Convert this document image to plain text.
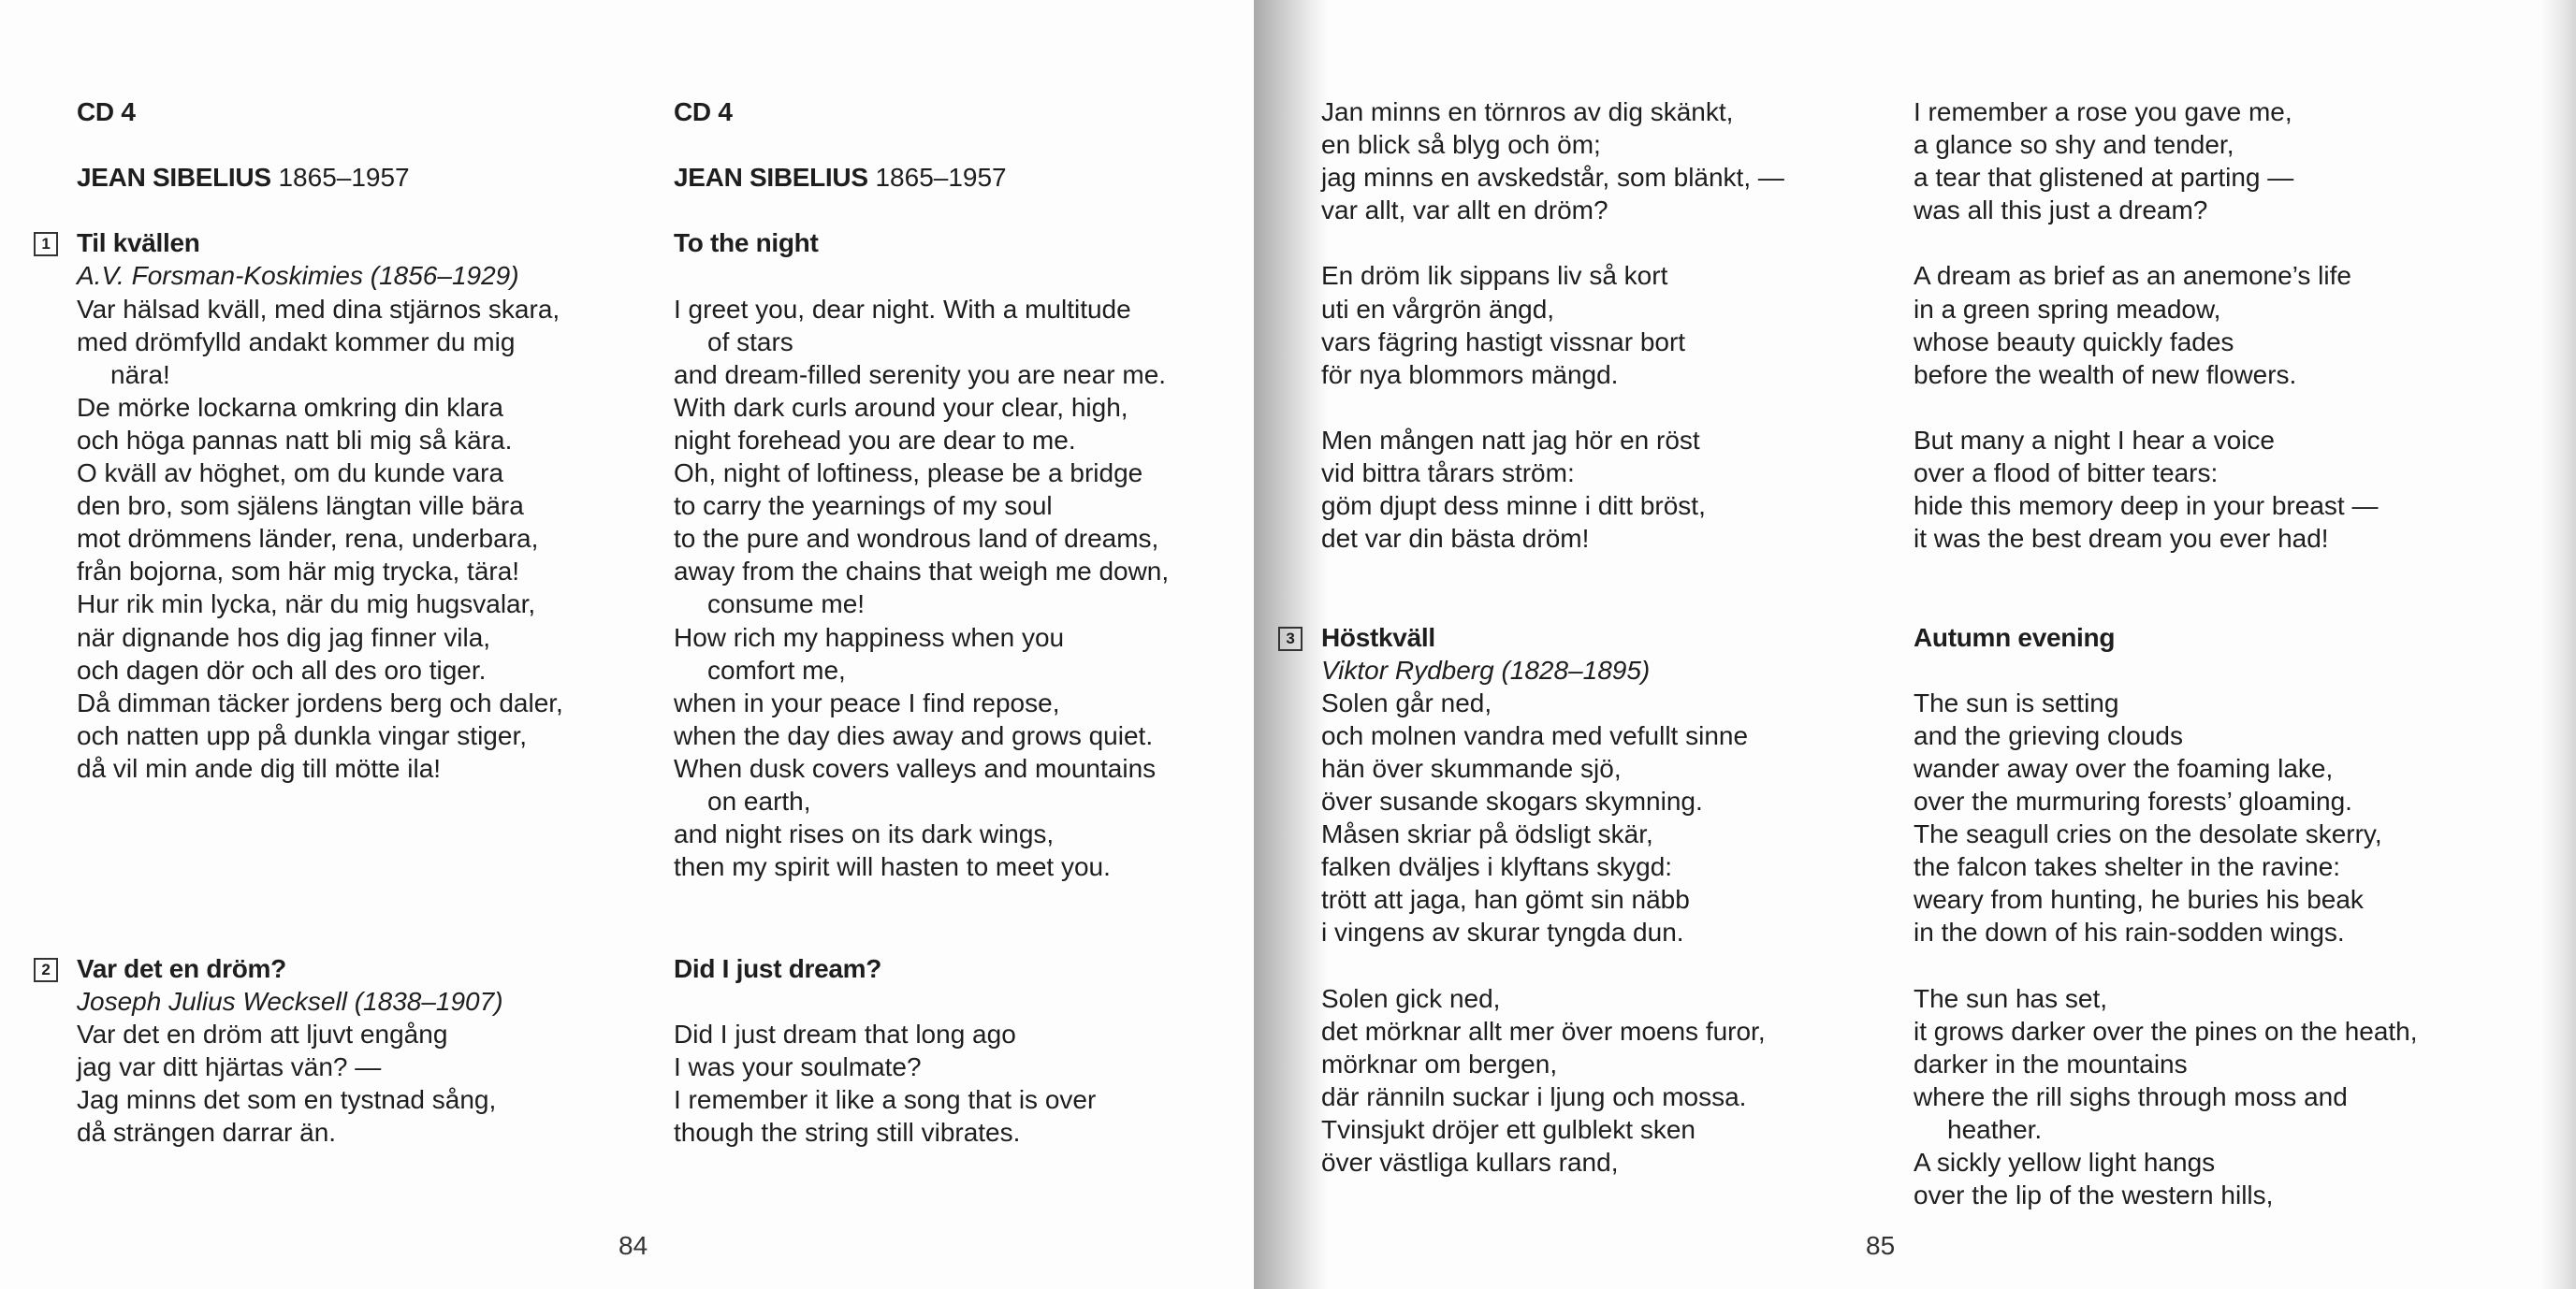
CD 4
JEAN SIBELIUS 1865–1957
Til kvällen
1
A.V. Forsman-Koskimies (1856–1929)
Var hälsad kväll, med dina stjärnos skara,
med drömfylld andakt kommer du mig
nära!
De mörke lockarna omkring din klara
och höga pannas natt bli mig så kära.
O kväll av höghet, om du kunde vara
den bro, som själens längtan ville bära
mot drömmens länder, rena, underbara,
från bojorna, som här mig trycka, tära!
Hur rik min lycka, när du mig hugsvalar,
när dignande hos dig jag finner vila,
och dagen dör och all des oro tiger.
Då dimman täcker jordens berg och daler,
och natten upp på dunkla vingar stiger,
då vil min ande dig till mötte ila!
Var det en dröm?
2
Joseph Julius Wecksell (1838–1907)
Var det en dröm att ljuvt engång
jag var ditt hjärtas vän? —
Jag minns det som en tystnad sång,
då strängen darrar än.
CD 4
JEAN SIBELIUS 1865–1957
To the night
I greet you, dear night. With a multitude
of stars
and dream-filled serenity you are near me.
With dark curls around your clear, high,
night forehead you are dear to me.
Oh, night of loftiness, please be a bridge
to carry the yearnings of my soul
to the pure and wondrous land of dreams,
away from the chains that weigh me down,
consume me!
How rich my happiness when you
comfort me,
when in your peace I find repose,
when the day dies away and grows quiet.
When dusk covers valleys and mountains
on earth,
and night rises on its dark wings,
then my spirit will hasten to meet you.
Did I just dream?
Did I just dream that long ago
I was your soulmate?
I remember it like a song that is over
though the string still vibrates.
Jan minns en törnros av dig skänkt,
en blick så blyg och öm;
jag minns en avskedstår, som blänkt, —
var allt, var allt en dröm?
En dröm lik sippans liv så kort
uti en vårgrön ängd,
vars fägring hastigt vissnar bort
för nya blommors mängd.
Men mången natt jag hör en röst
vid bittra tårars ström:
göm djupt dess minne i ditt bröst,
det var din bästa dröm!
Höstkväll
3
Viktor Rydberg (1828–1895)
Solen går ned,
och molnen vandra med vefullt sinne
hän över skummande sjö,
över susande skogars skymning.
Måsen skriar på ödsligt skär,
falken dväljes i klyftans skygd:
trött att jaga, han gömt sin näbb
i vingens av skurar tyngda dun.
Solen gick ned,
det mörknar allt mer över moens furor,
mörknar om bergen,
där ränniln suckar i ljung och mossa.
Tvinsjukt dröjer ett gulblekt sken
över västliga kullars rand,
I remember a rose you gave me,
a glance so shy and tender,
a tear that glistened at parting —
was all this just a dream?
A dream as brief as an anemone’s life
in a green spring meadow,
whose beauty quickly fades
before the wealth of new flowers.
But many a night I hear a voice
over a flood of bitter tears:
hide this memory deep in your breast —
it was the best dream you ever had!
Autumn evening
The sun is setting
and the grieving clouds
wander away over the foaming lake,
over the murmuring forests’ gloaming.
The seagull cries on the desolate skerry,
the falcon takes shelter in the ravine:
weary from hunting, he buries his beak
in the down of his rain-sodden wings.
The sun has set,
it grows darker over the pines on the heath,
darker in the mountains
where the rill sighs through moss and
heather.
A sickly yellow light hangs
over the lip of the western hills,
84	85
